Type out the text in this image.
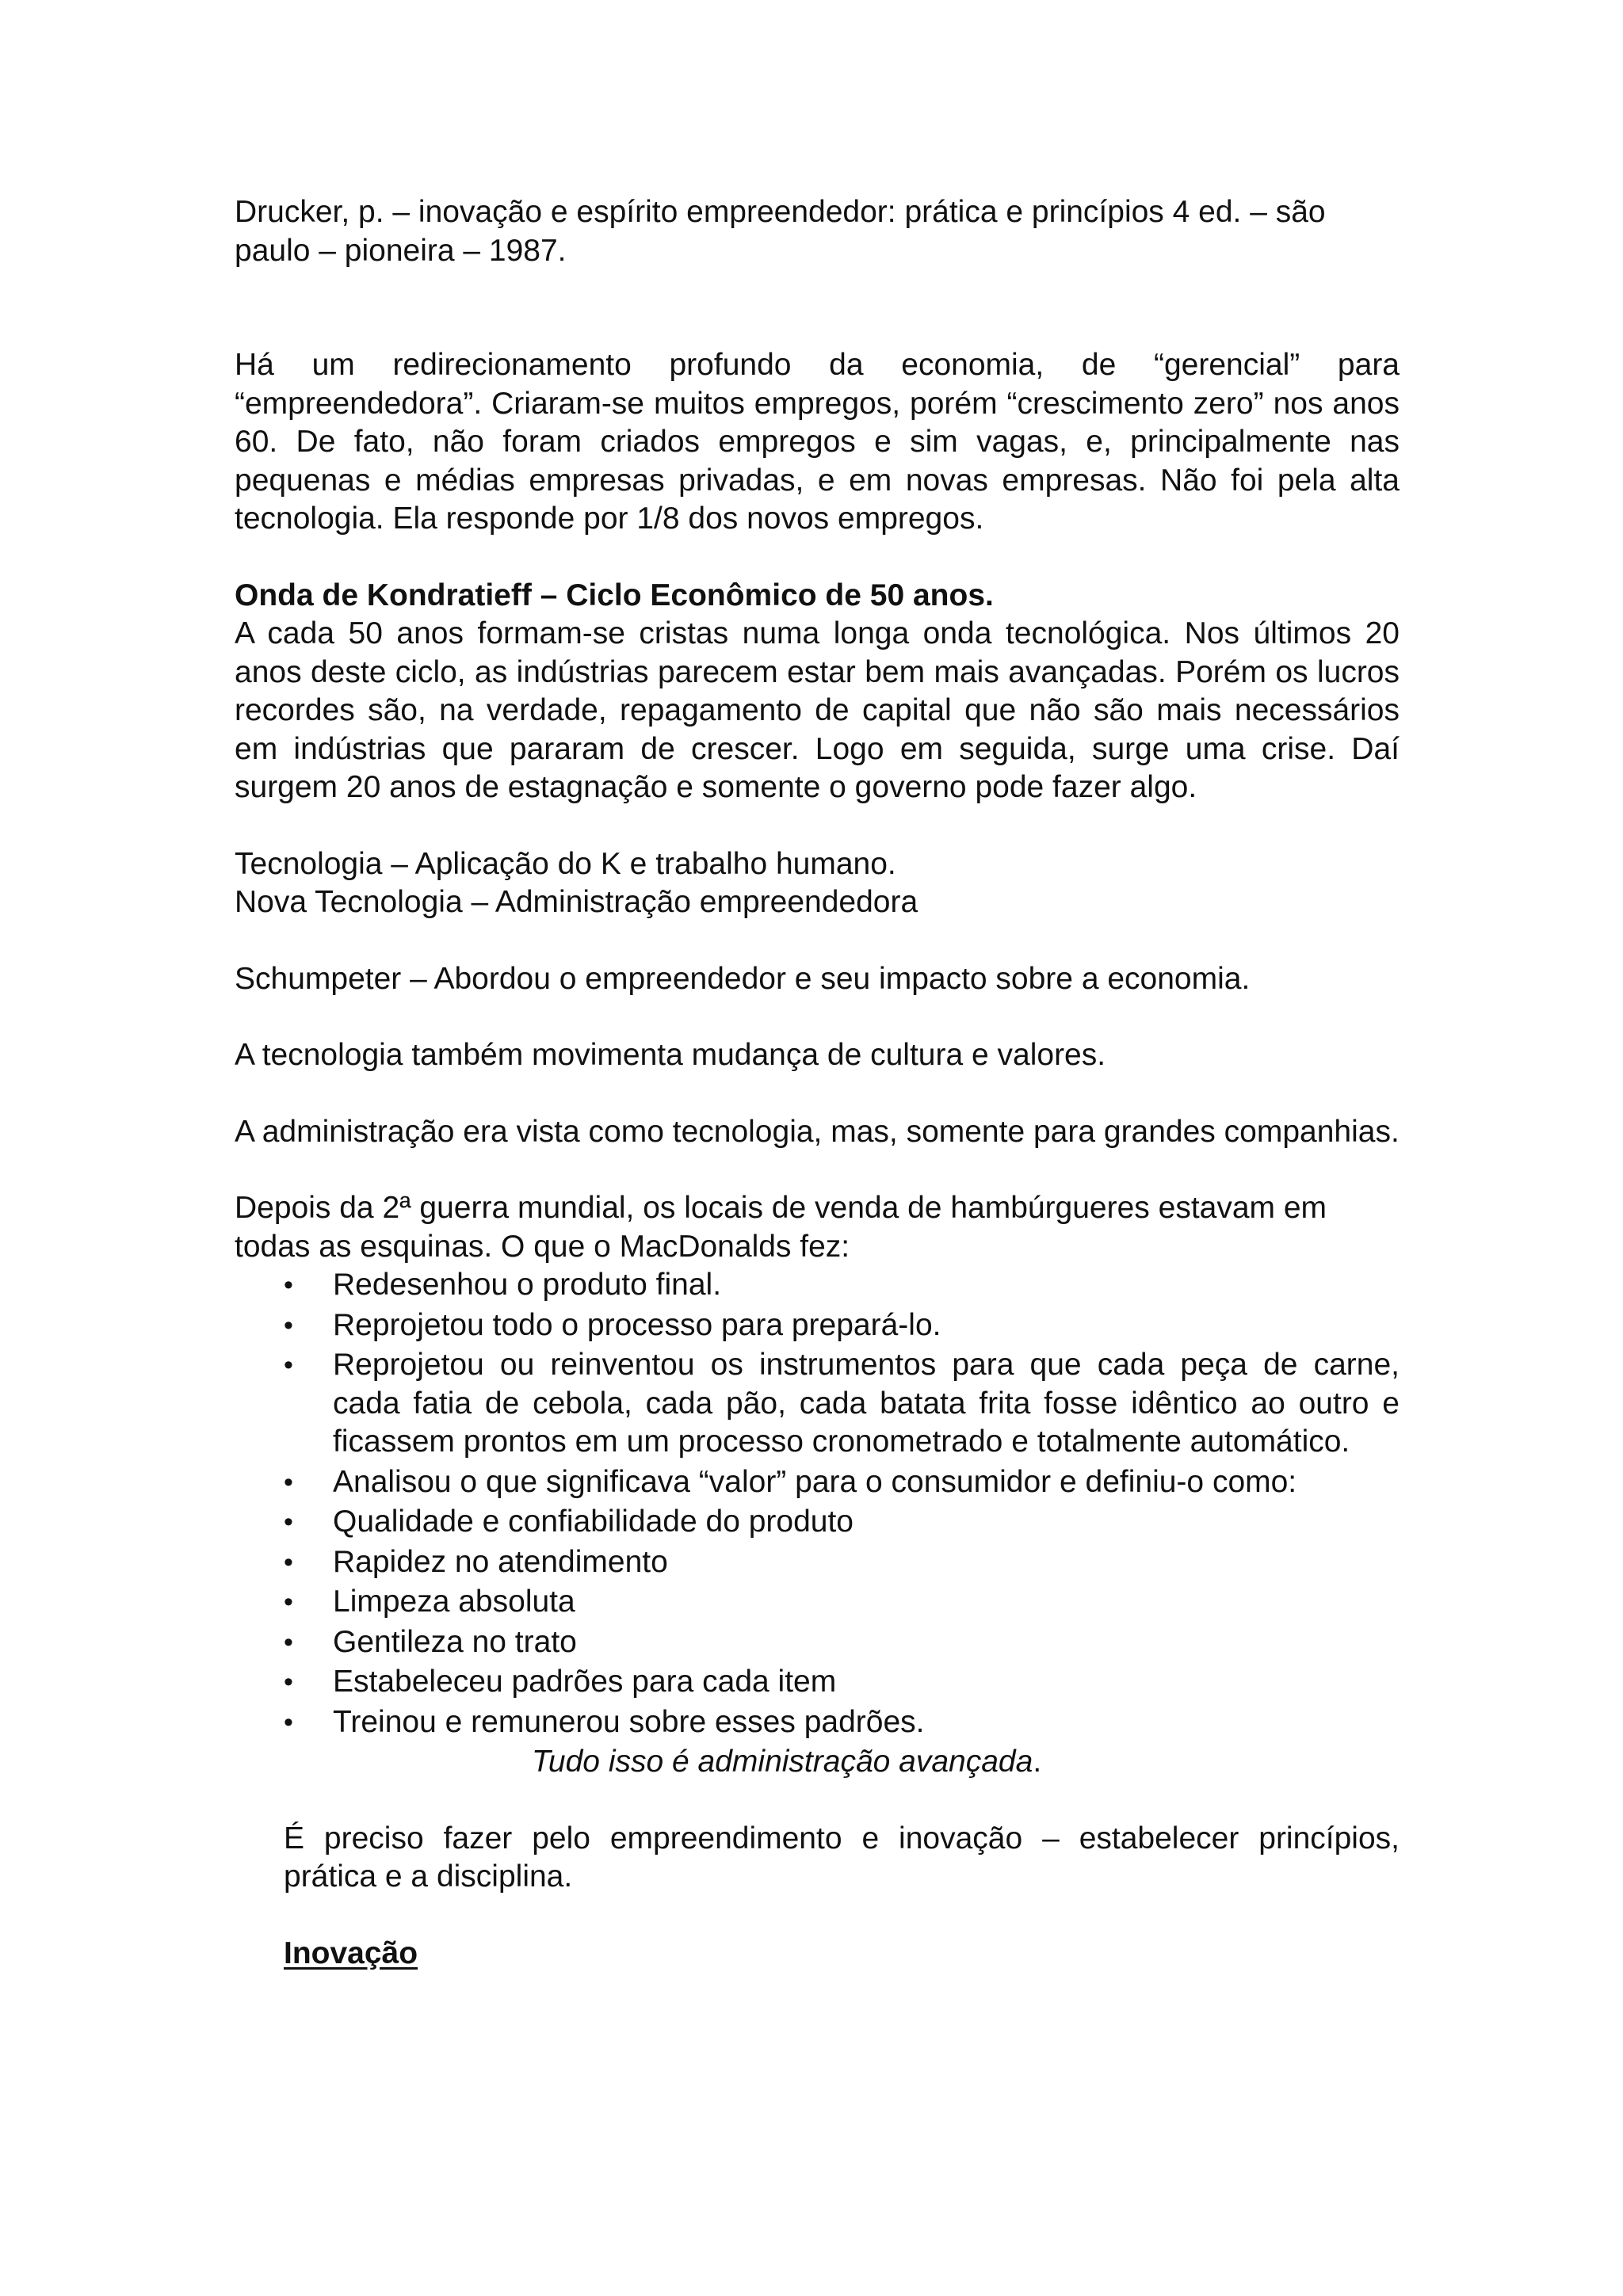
Drucker, p. – inovação e espírito empreendedor: prática e princípios 4 ed. – são
paulo – pioneira – 1987.

Há um redirecionamento profundo da economia, de “gerencial” para “empreendedora”. Criaram-se muitos empregos, porém “crescimento zero” nos anos 60. De fato, não foram criados empregos e sim vagas, e, principalmente nas pequenas e médias empresas privadas, e em novas empresas. Não foi pela alta tecnologia. Ela responde por 1/8 dos novos empregos.

Onda de Kondratieff – Ciclo Econômico de 50 anos.

A cada 50 anos formam-se cristas numa longa onda tecnológica. Nos últimos 20 anos deste ciclo, as indústrias parecem estar bem mais avançadas. Porém os lucros recordes são, na verdade, repagamento de capital que não são mais necessários em indústrias que pararam de crescer. Logo em seguida, surge uma crise. Daí surgem 20 anos de estagnação e somente o governo pode fazer algo.

Tecnologia – Aplicação do K e trabalho humano.
Nova Tecnologia – Administração empreendedora

Schumpeter – Abordou o empreendedor e seu impacto sobre a economia.

A tecnologia também movimenta mudança de cultura e valores.

A administração era vista como tecnologia, mas, somente para grandes companhias.

Depois da 2ª guerra mundial, os locais de venda de hambúrgueres estavam em
todas as esquinas. O que o MacDonalds fez:

• Redesenhou o produto final.
• Reprojetou todo o processo para prepará-lo.
• Reprojetou ou reinventou os instrumentos para que cada peça de carne, cada fatia de cebola, cada pão, cada batata frita fosse idêntico ao outro e ficassem prontos em um processo cronometrado e totalmente automático.
• Analisou o que significava “valor” para o consumidor e definiu-o como:
• Qualidade e confiabilidade do produto
• Rapidez no atendimento
• Limpeza absoluta
• Gentileza no trato
• Estabeleceu padrões para cada item
• Treinou e remunerou sobre esses padrões.

Tudo isso é administração avançada.

É preciso fazer pelo empreendimento e inovação – estabelecer princípios, prática e a disciplina.

Inovação
